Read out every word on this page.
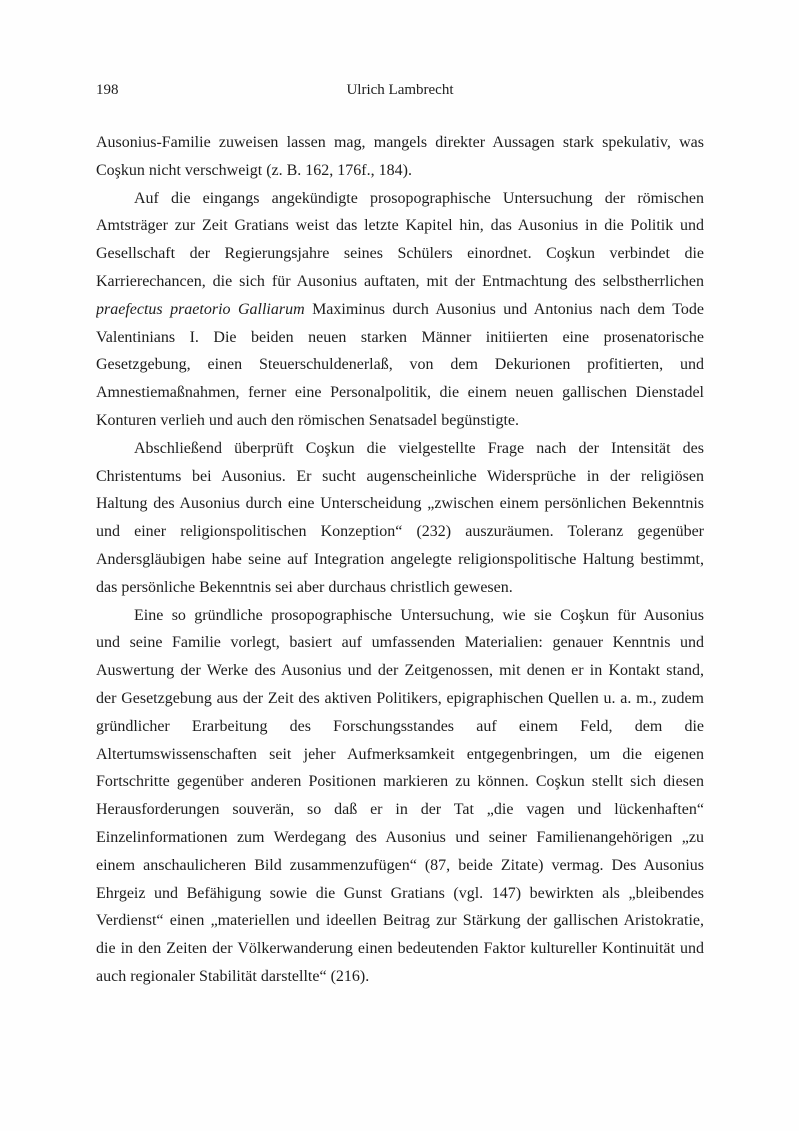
198	Ulrich Lambrecht

Ausonius-Familie zuweisen lassen mag, mangels direkter Aussagen stark spekulativ, was
Coşkun nicht verschweigt (z. B. 162, 176f., 184).

Auf die eingangs angekündigte prosopographische Untersuchung der römischen
Amtsträger zur Zeit Gratians weist das letzte Kapitel hin, das Ausonius in die Politik und
Gesellschaft der Regierungsjahre seines Schülers einordnet. Coşkun verbindet die
Karrierechancen, die sich für Ausonius auftaten, mit der Entmachtung des selbstherrlichen
praefectus praetorio Galliarum Maximinus durch Ausonius und Antonius nach dem Tode
Valentinians I. Die beiden neuen starken Männer initiierten eine prosenatorische
Gesetzgebung, einen Steuerschuldenerlaß, von dem Dekurionen profitierten, und
Amnestiemaßnahmen, ferner eine Personalpolitik, die einem neuen gallischen Dienstadel
Konturen verlieh und auch den römischen Senatsadel begünstigte.

Abschließend überprüft Coşkun die vielgestellte Frage nach der Intensität des
Christentums bei Ausonius. Er sucht augenscheinliche Widersprüche in der religiösen
Haltung des Ausonius durch eine Unterscheidung „zwischen einem persönlichen Bekenntnis
und einer religionspolitischen Konzeption“ (232) auszuräumen. Toleranz gegenüber
Andersgläubigen habe seine auf Integration angelegte religionspolitische Haltung bestimmt,
das persönliche Bekenntnis sei aber durchaus christlich gewesen.

Eine so gründliche prosopographische Untersuchung, wie sie Coşkun für Ausonius
und seine Familie vorlegt, basiert auf umfassenden Materialien: genauer Kenntnis und
Auswertung der Werke des Ausonius und der Zeitgenossen, mit denen er in Kontakt stand,
der Gesetzgebung aus der Zeit des aktiven Politikers, epigraphischen Quellen u. a. m., zudem
gründlicher Erarbeitung des Forschungsstandes auf einem Feld, dem die
Altertumswissenschaften seit jeher Aufmerksamkeit entgegenbringen, um die eigenen
Fortschritte gegenüber anderen Positionen markieren zu können. Coşkun stellt sich diesen
Herausforderungen souverän, so daß er in der Tat „die vagen und lückenhaften“
Einzelinformationen zum Werdegang des Ausonius und seiner Familienangehörigen „zu
einem anschaulicheren Bild zusammenzufügen“ (87, beide Zitate) vermag. Des Ausonius
Ehrgeiz und Befähigung sowie die Gunst Gratians (vgl. 147) bewirkten als „bleibendes
Verdienst“ einen „materiellen und ideellen Beitrag zur Stärkung der gallischen Aristokratie,
die in den Zeiten der Völkerwanderung einen bedeutenden Faktor kultureller Kontinuität und
auch regionaler Stabilität darstellte“ (216).
